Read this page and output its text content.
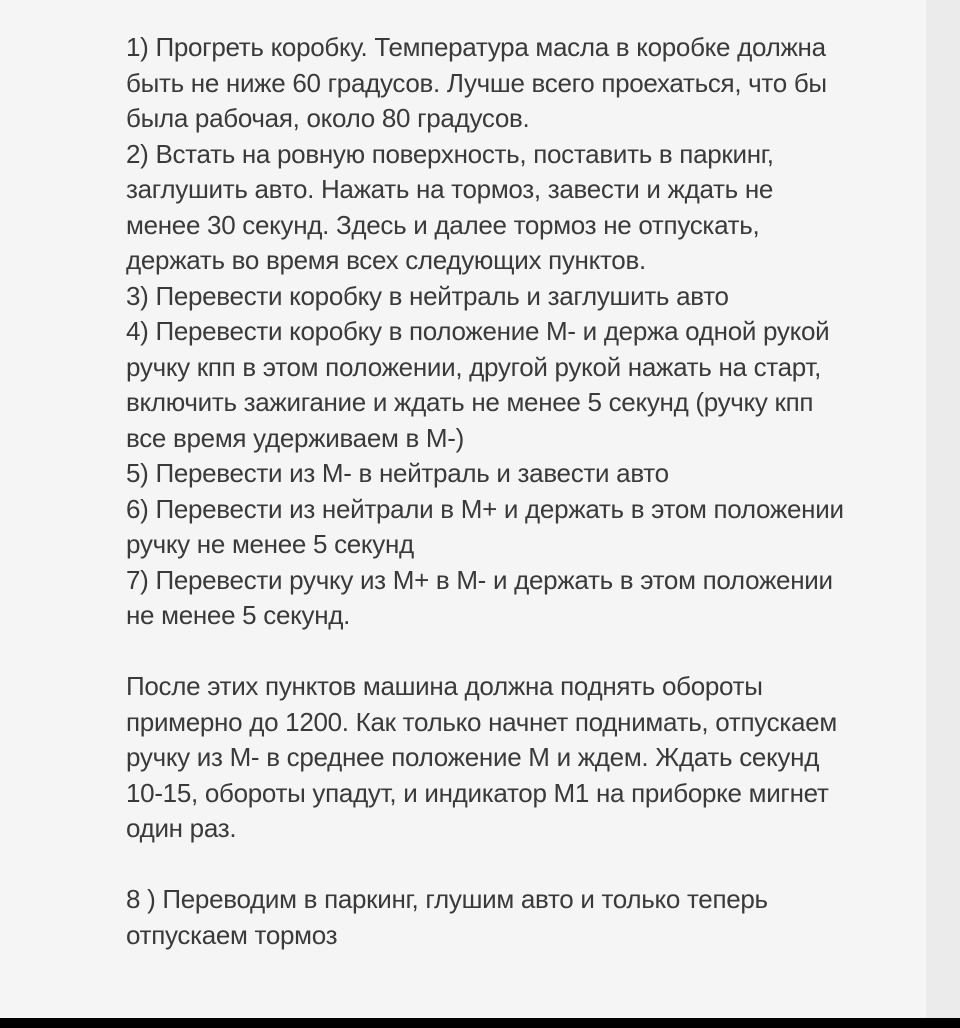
1) Прогреть коробку. Температура масла в коробке должна
быть не ниже 60 градусов. Лучше всего проехаться, что бы
была рабочая, около 80 градусов.
2) Встать на ровную поверхность, поставить в паркинг,
заглушить авто. Нажать на тормоз, завести и ждать не
менее 30 секунд. Здесь и далее тормоз не отпускать,
держать во время всех следующих пунктов.
3) Перевести коробку в нейтраль и заглушить авто
4) Перевести коробку в положение М- и держа одной рукой
ручку кпп в этом положении, другой рукой нажать на старт,
включить зажигание и ждать не менее 5 секунд (ручку кпп
все время удерживаем в М-)
5) Перевести из М- в нейтраль и завести авто
6) Перевести из нейтрали в М+ и держать в этом положении
ручку не менее 5 секунд
7) Перевести ручку из М+ в М- и держать в этом положении
не менее 5 секунд.
После этих пунктов машина должна поднять обороты
примерно до 1200. Как только начнет поднимать, отпускаем
ручку из М- в среднее положение М и ждем. Ждать секунд
10-15, обороты упадут, и индикатор М1 на приборке мигнет
один раз.
8 ) Переводим в паркинг, глушим авто и только теперь
отпускаем тормоз
